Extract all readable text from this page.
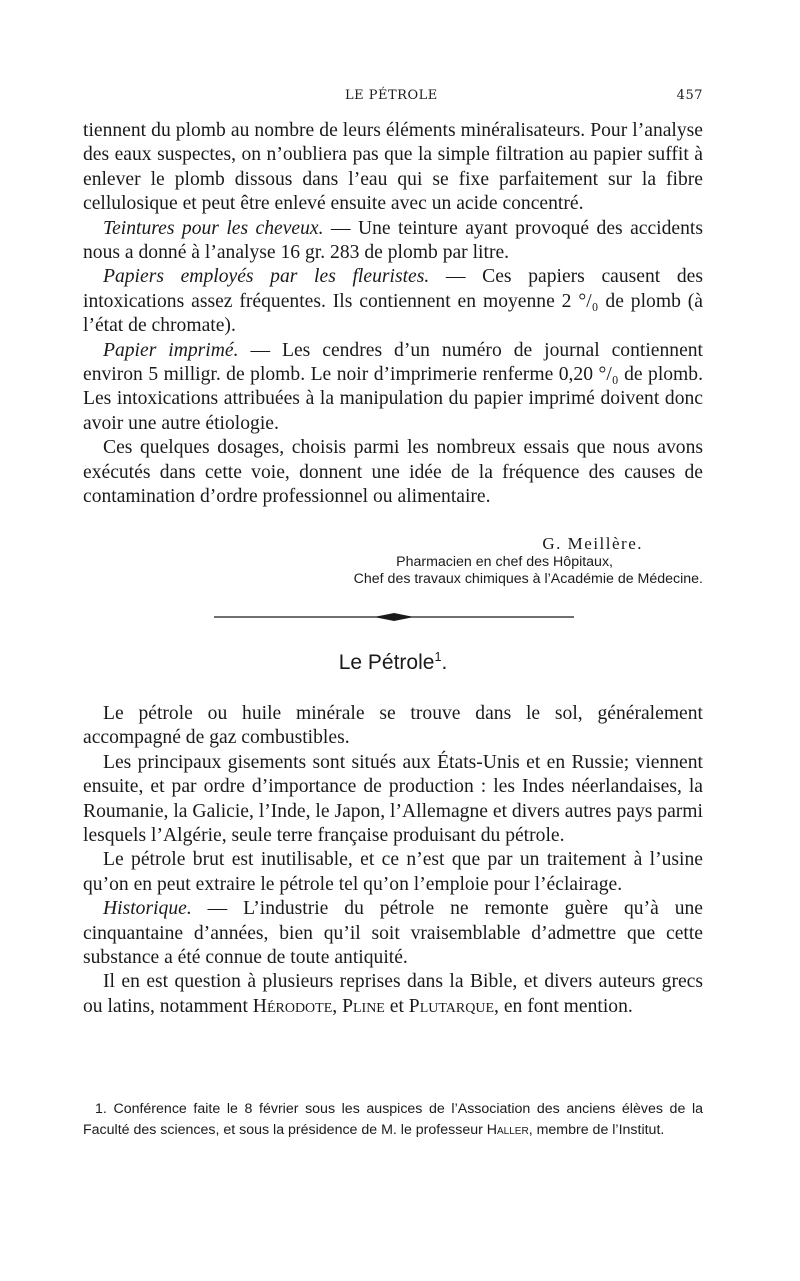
LE PÉTROLE	457

tiennent du plomb au nombre de leurs éléments minéralisateurs. Pour l’analyse des eaux suspectes, on n’oubliera pas que la simple filtration au papier suffit à enlever le plomb dissous dans l’eau qui se fixe parfaitement sur la fibre cellulosique et peut être enlevé ensuite avec un acide concentré.

Teintures pour les cheveux. — Une teinture ayant provoqué des accidents nous a donné à l’analyse 16 gr. 283 de plomb par litre.

Papiers employés par les fleuristes. — Ces papiers causent des intoxications assez fréquentes. Ils contiennent en moyenne 2 °/₀ de plomb (à l’état de chromate).

Papier imprimé. — Les cendres d’un numéro de journal contiennent environ 5 milligr. de plomb. Le noir d’imprimerie renferme 0,20 °/₀ de plomb. Les intoxications attribuées à la manipulation du papier imprimé doivent donc avoir une autre étiologie.

Ces quelques dosages, choisis parmi les nombreux essais que nous avons exécutés dans cette voie, donnent une idée de la fréquence des causes de contamination d’ordre professionnel ou alimentaire.

G. Meillère.
Pharmacien en chef des Hôpitaux,
Chef des travaux chimiques à l’Académie de Médecine.
Le Pétrole$^1$.

Le pétrole ou huile minérale se trouve dans le sol, généralement accompagné de gaz combustibles.

Les principaux gisements sont situés aux États-Unis et en Russie; viennent ensuite, et par ordre d’importance de production : les Indes néerlandaises, la Roumanie, la Galicie, l’Inde, le Japon, l’Allemagne et divers autres pays parmi lesquels l’Algérie, seule terre française produisant du pétrole.

Le pétrole brut est inutilisable, et ce n’est que par un traitement à l’usine qu’on en peut extraire le pétrole tel qu’on l’emploie pour l’éclairage.

Historique. — L’industrie du pétrole ne remonte guère qu’à une cinquantaine d’années, bien qu’il soit vraisemblable d’admettre que cette substance a été connue de toute antiquité.

Il en est question à plusieurs reprises dans la Bible, et divers auteurs grecs ou latins, notamment Hérodote, Pline et Plutarque, en font mention.

1. Conférence faite le 8 février sous les auspices de l’Association des anciens élèves de la Faculté des sciences, et sous la présidence de M. le professeur Haller, membre de l’Institut.
